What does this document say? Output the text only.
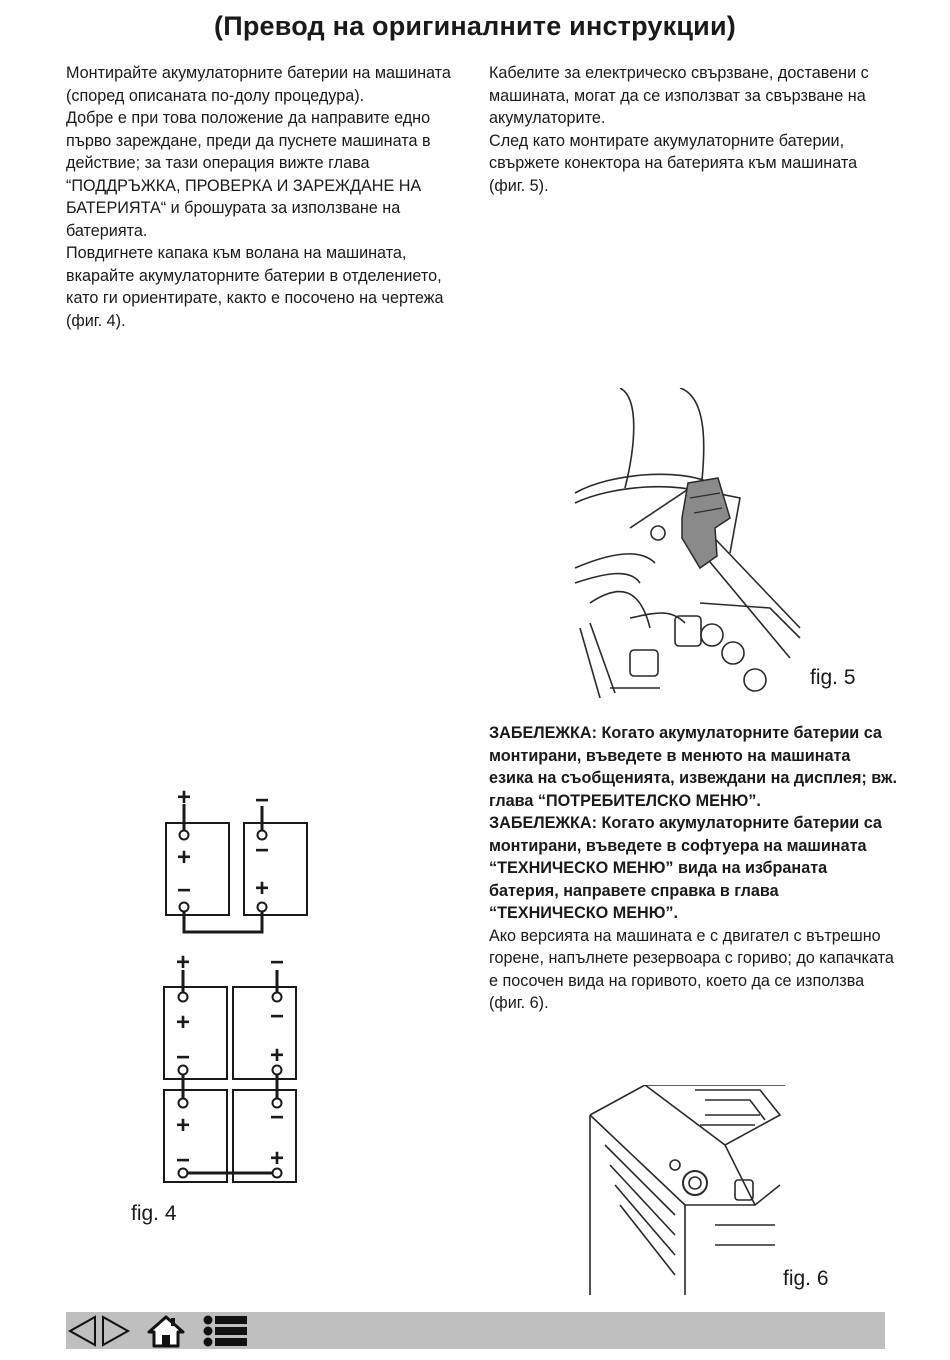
(Превод на оригиналните инструкции)

Монтирайте акумулаторните батерии на машината (според описаната по-долу процедура).

Добре е при това положение да направите едно първо зареждане, преди да пуснете машината в действие; за тази операция вижте глава “ПОДДРЪЖКА, ПРОВЕРКА И ЗАРЕЖДАНЕ НА БАТЕРИЯТА“ и брошурата за използване на батерията.

Повдигнете капака към волана на машината, вкарайте акумулаторните батерии в отделението, като ги ориентирате, както е посочено на чертежа (фиг. 4).

Кабелите за електрическо свързване, доставени с машината, могат да се използват за свързване на акумулаторите.

След като монтирате акумулаторните батерии, свържете конектора на батерията към машината (фиг. 5).

ЗАБЕЛЕЖКА: Когато акумулаторните батерии са монтирани, въведете в менюто на машината езика на съобщенията, извеждани на дисплея; вж. глава “ПОТРЕБИТЕЛСКО МЕНЮ”.

ЗАБЕЛЕЖКА: Когато акумулаторните батерии са монтирани, въведете в софтуера на машината “ТЕХНИЧЕСКО МЕНЮ” вида на избраната батерия, направете справка в глава “ТЕХНИЧЕСКО МЕНЮ”.

Ако версията на машината е с двигател с вътрешно горене, напълнете резервоара с гориво; до капачката е посочен вида на горивото, което да се използва (фиг. 6).

+	−
+	−
−	+
+	−
+	−
−	+
+	−
−	+
fig. 4
fig. 5
fig. 6
